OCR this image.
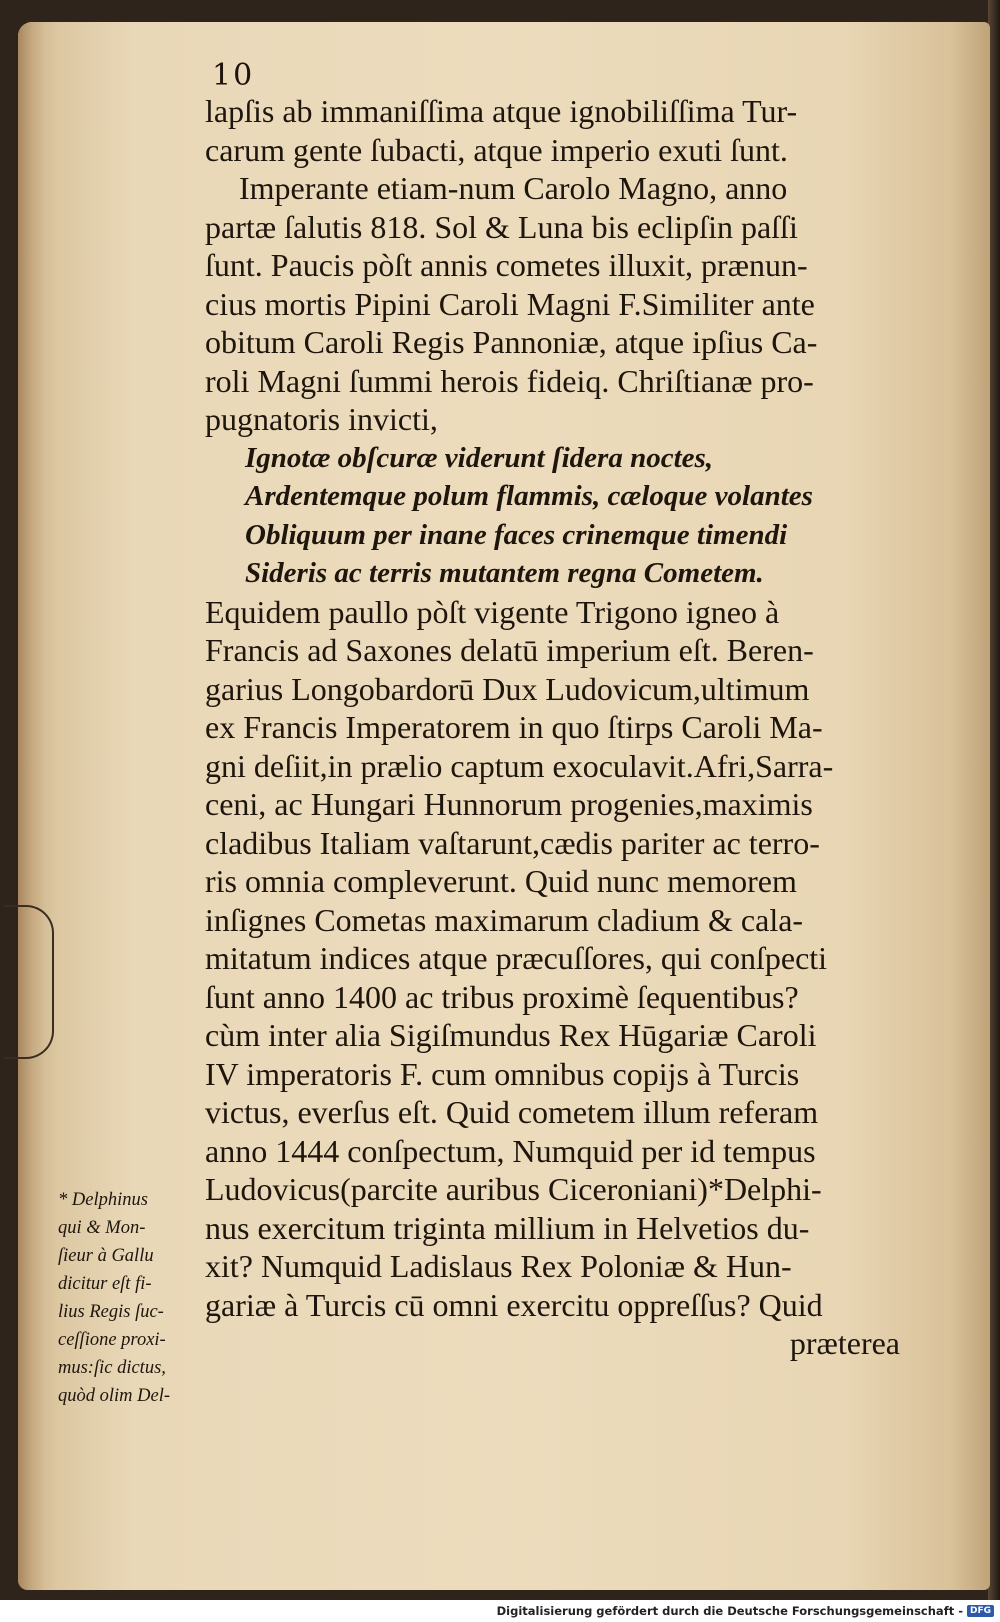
10
lapſis ab immaniſſima atque ignobiliſſima Tur-
carum gente ſubacti, atque imperio exuti ſunt.
Imperante etiam-num Carolo Magno, anno
partæ ſalutis 818. Sol & Luna bis eclipſin paſſi
ſunt. Paucis pòſt annis cometes illuxit, prænun-
cius mortis Pipini Caroli Magni F.Similiter ante
obitum Caroli Regis Pannoniæ, atque ipſius Ca-
roli Magni ſummi herois fideiq. Chriſtianæ pro-
pugnatoris invicti,
Ignotæ obſcuræ viderunt ſidera noctes,
Ardentemque polum flammis, cæloque volantes
Obliquum per inane faces crinemque timendi
Sideris ac terris mutantem regna Cometem.
Equidem paullo pòſt vigente Trigono igneo à
Francis ad Saxones delatū imperium eſt. Beren-
garius Longobardorū Dux Ludovicum,ultimum
ex Francis Imperatorem in quo ſtirps Caroli Ma-
gni deſiit,in prælio captum exoculavit.Afri,Sarra-
ceni, ac Hungari Hunnorum progenies,maximis
cladibus Italiam vaſtarunt,cædis pariter ac terro-
ris omnia compleverunt. Quid nunc memorem
inſignes Cometas maximarum cladium & cala-
mitatum indices atque præcuſſores, qui conſpecti
ſunt anno 1400 ac tribus proximè ſequentibus?
cùm inter alia Sigiſmundus Rex Hūgariæ Caroli
IV imperatoris F. cum omnibus copijs à Turcis
victus, everſus eſt. Quid cometem illum referam
anno 1444 conſpectum, Numquid per id tempus
Ludovicus(parcite auribus Ciceroniani)*Delphi-
nus exercitum triginta millium in Helvetios du-
xit? Numquid Ladislaus Rex Poloniæ & Hun-
gariæ à Turcis cū omni exercitu oppreſſus? Quid
præterea
* Delphinus
qui & Mon-
ſieur à Gallu
dicitur eſt fi-
lius Regis ſuc-
ceſſione proxi-
mus:ſic dictus,
quòd olim Del-
Digitalisierung gefördert durch die Deutsche Forschungsgemeinschaft - DFG
